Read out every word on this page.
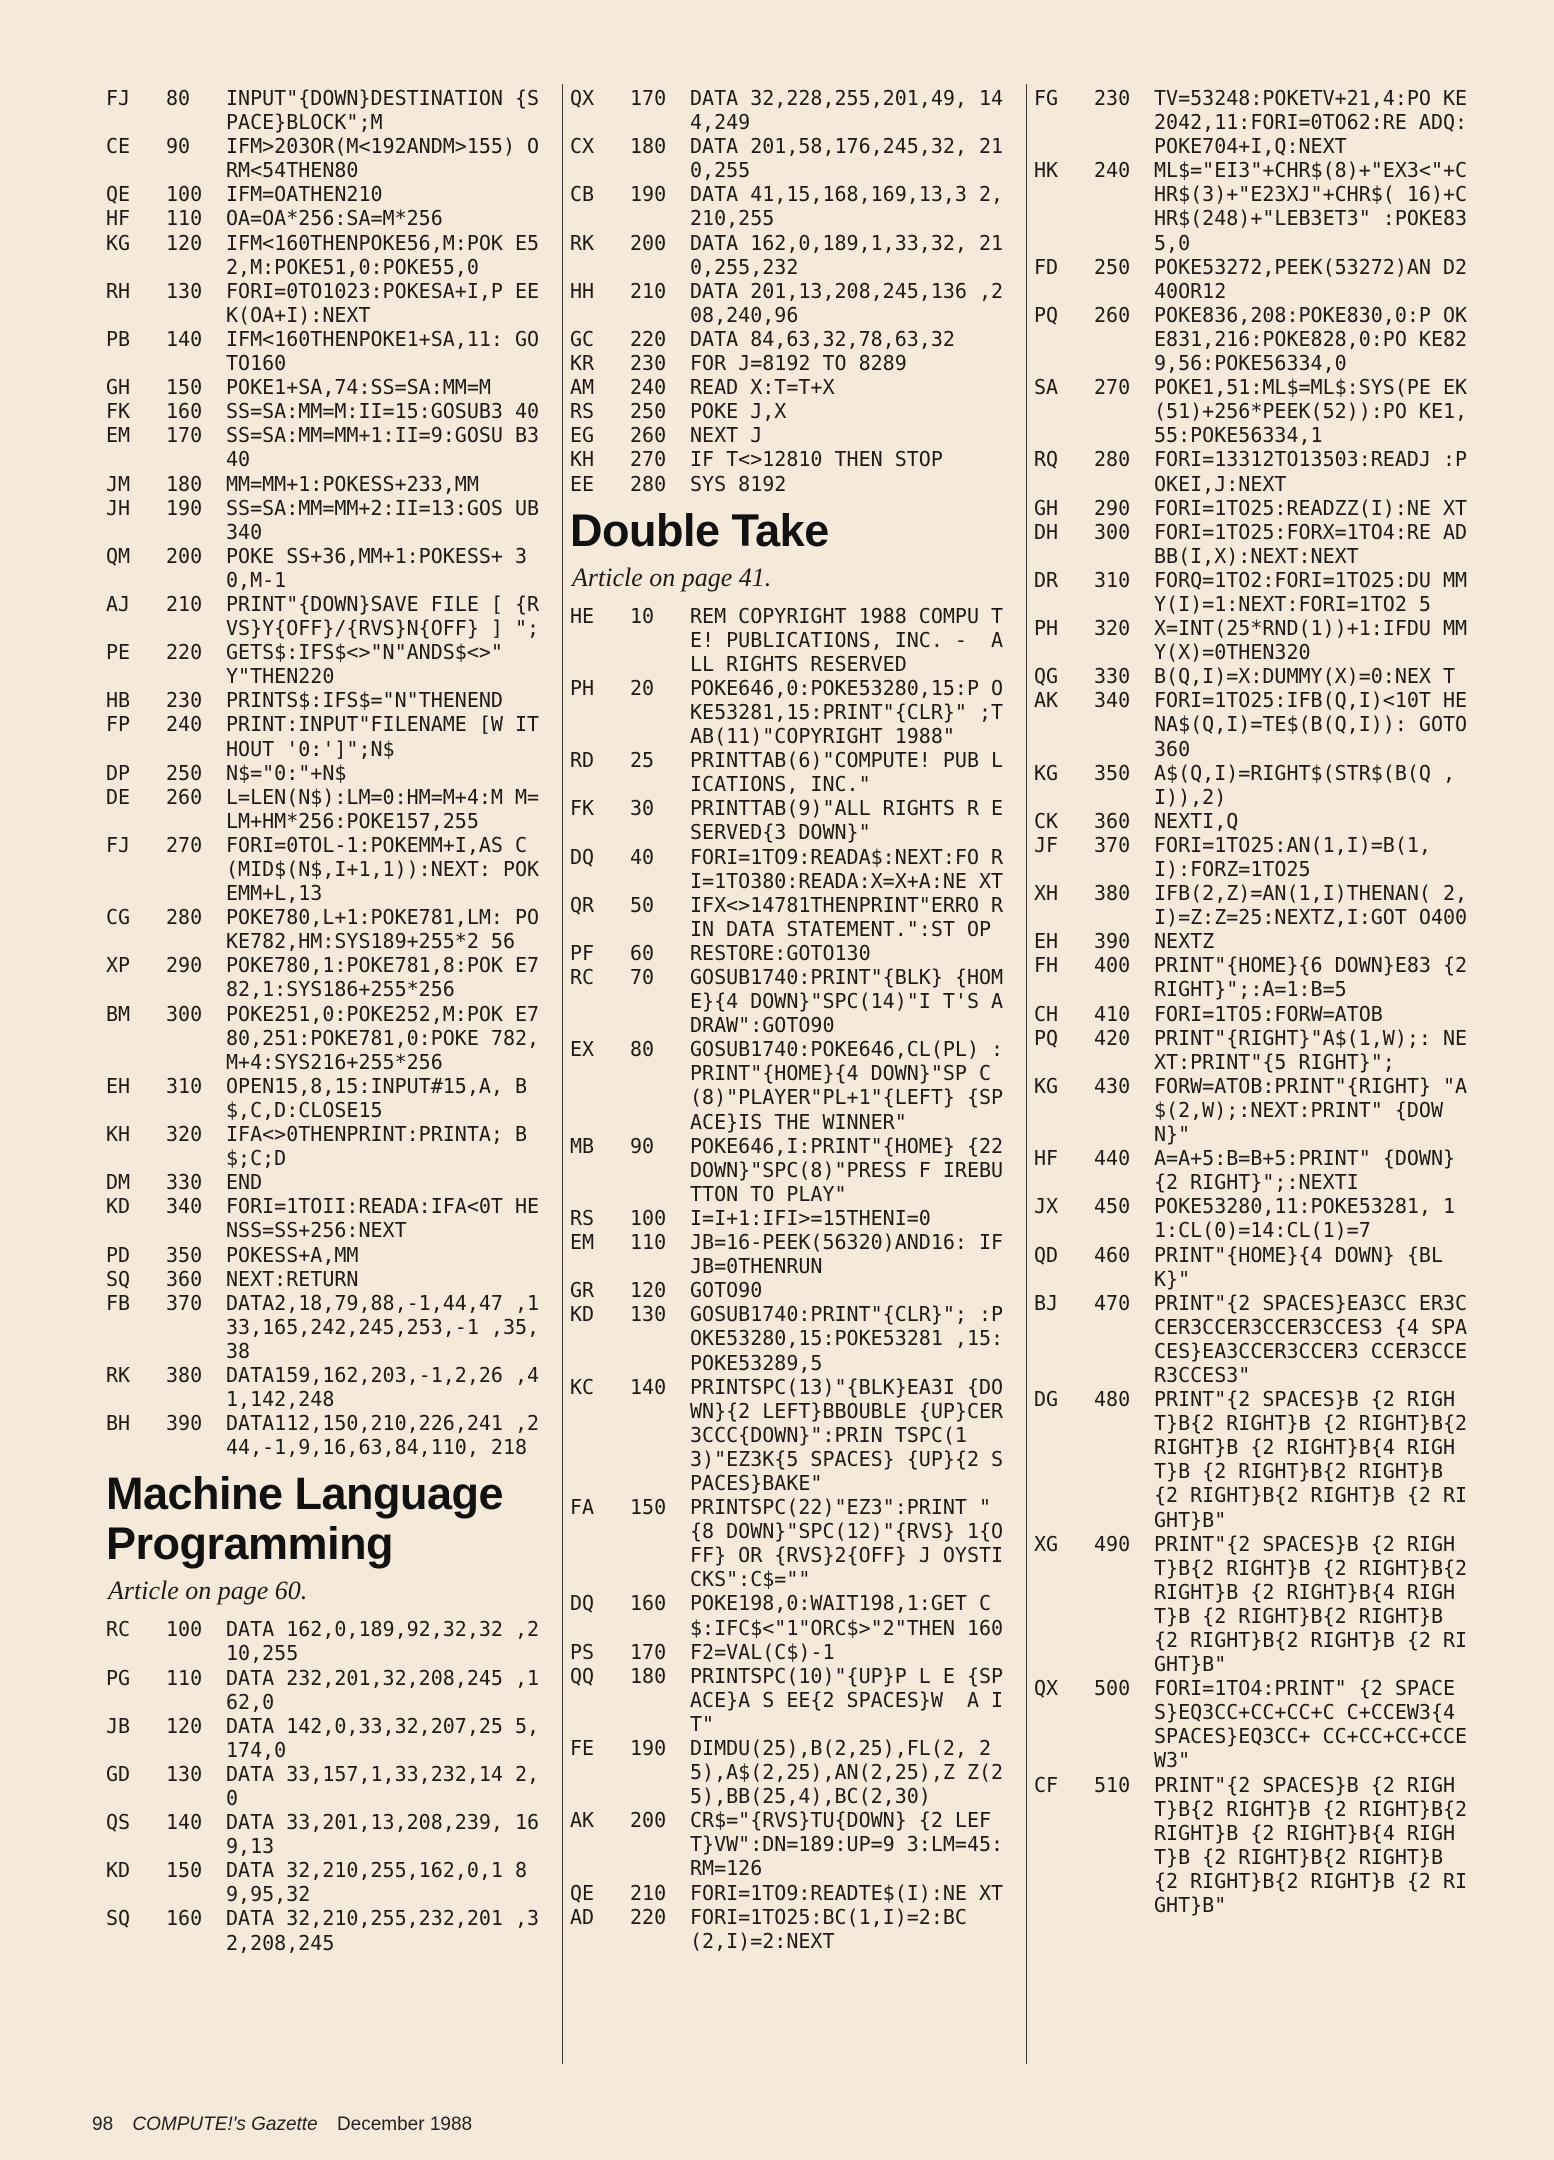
FJ	80	INPUT"{DOWN}DESTINATION {SPACE}BLOCK";M
CE	90	IFM>203OR(M<192ANDM>155) ORM<54THEN80
QE	100	IFM=OATHEN210
HF	110	OA=OA*256:SA=M*256
KG	120	IFM<160THENPOKE56,M:POK E52,M:POKE51,0:POKE55,0
RH	130	FORI=0TO1023:POKESA+I,P EEK(OA+I):NEXT
PB	140	IFM<160THENPOKE1+SA,11: GOTO160
GH	150	POKE1+SA,74:SS=SA:MM=M
FK	160	SS=SA:MM=M:II=15:GOSUB3 40
EM	170	SS=SA:MM=MM+1:II=9:GOSU B340
JM	180	MM=MM+1:POKESS+233,MM
JH	190	SS=SA:MM=MM+2:II=13:GOS UB340
QM	200	POKE SS+36,MM+1:POKESS+ 30,M-1
AJ	210	PRINT"{DOWN}SAVE FILE [ {RVS}Y{OFF}/{RVS}N{OFF} ] ";
PE	220	GETS$:IFS$<>"N"ANDS$<>" Y"THEN220
HB	230	PRINTS$:IFS$="N"THENEND
FP	240	PRINT:INPUT"FILENAME [W ITHOUT '0:']";N$
DP	250	N$="0:"+N$
DE	260	L=LEN(N$):LM=0:HM=M+4:M M=LM+HM*256:POKE157,255
FJ	270	FORI=0TOL-1:POKEMM+I,AS C(MID$(N$,I+1,1)):NEXT: POKEMM+L,13
CG	280	POKE780,L+1:POKE781,LM: POKE782,HM:SYS189+255*2 56
XP	290	POKE780,1:POKE781,8:POK E782,1:SYS186+255*256
BM	300	POKE251,0:POKE252,M:POK E780,251:POKE781,0:POKE 782,M+4:SYS216+255*256
EH	310	OPEN15,8,15:INPUT#15,A, B$,C,D:CLOSE15
KH	320	IFA<>0THENPRINT:PRINTA; B$;C;D
DM	330	END
KD	340	FORI=1TOII:READA:IFA<0T HENSS=SS+256:NEXT
PD	350	POKESS+A,MM
SQ	360	NEXT:RETURN
FB	370	DATA2,18,79,88,-1,44,47 ,133,165,242,245,253,-1 ,35,38
RK	380	DATA159,162,203,-1,2,26 ,41,142,248
BH	390	DATA112,150,210,226,241 ,244,-1,9,16,63,84,110, 218
Machine Language Programming
Article on page 60.
RC	100	DATA 162,0,189,92,32,32 ,210,255
PG	110	DATA 232,201,32,208,245 ,162,0
JB	120	DATA 142,0,33,32,207,25 5,174,0
GD	130	DATA 33,157,1,33,232,14 2,0
QS	140	DATA 33,201,13,208,239, 169,13
KD	150	DATA 32,210,255,162,0,1 89,95,32
SQ	160	DATA 32,210,255,232,201 ,32,208,245
QX	170	DATA 32,228,255,201,49, 144,249
CX	180	DATA 201,58,176,245,32, 210,255
CB	190	DATA 41,15,168,169,13,3 2,210,255
RK	200	DATA 162,0,189,1,33,32, 210,255,232
HH	210	DATA 201,13,208,245,136 ,208,240,96
GC	220	DATA 84,63,32,78,63,32
KR	230	FOR J=8192 TO 8289
AM	240	READ X:T=T+X
RS	250	POKE J,X
EG	260	NEXT J
KH	270	IF T<>12810 THEN STOP
EE	280	SYS 8192
Double Take
Article on page 41.
HE	10	REM COPYRIGHT 1988 COMPU TE! PUBLICATIONS, INC. -  ALL RIGHTS RESERVED
PH	20	POKE646,0:POKE53280,15:P OKE53281,15:PRINT"{CLR}" ;TAB(11)"COPYRIGHT 1988"
RD	25	PRINTTAB(6)"COMPUTE! PUB LICATIONS, INC."
FK	30	PRINTTAB(9)"ALL RIGHTS R ESERVED{3 DOWN}"
DQ	40	FORI=1TO9:READA$:NEXT:FO RI=1TO380:READA:X=X+A:NE XT
QR	50	IFX<>14781THENPRINT"ERRO R IN DATA STATEMENT.":ST OP
PF	60	RESTORE:GOTO130
RC	70	GOSUB1740:PRINT"{BLK} {HOME}{4 DOWN}"SPC(14)"I T'S A DRAW":GOTO90
EX	80	GOSUB1740:POKE646,CL(PL) :PRINT"{HOME}{4 DOWN}"SP C(8)"PLAYER"PL+1"{LEFT} {SPACE}IS THE WINNER"
MB	90	POKE646,I:PRINT"{HOME} {22 DOWN}"SPC(8)"PRESS F IREBUTTON TO PLAY"
RS	100	I=I+1:IFI>=15THENI=0
EM	110	JB=16-PEEK(56320)AND16: IFJB=0THENRUN
GR	120	GOTO90
KD	130	GOSUB1740:PRINT"{CLR}"; :POKE53280,15:POKE53281 ,15:POKE53289,5
KC	140	PRINTSPC(13)"{BLK}EA3I {DOWN}{2 LEFT}BBOUBLE {UP}CER3CCC{DOWN}":PRIN TSPC(13)"EZ3K{5 SPACES} {UP}{2 SPACES}BAKE"
FA	150	PRINTSPC(22)"EZ3":PRINT "{8 DOWN}"SPC(12)"{RVS} 1{OFF} OR {RVS}2{OFF} J OYSTICKS":C$=""
DQ	160	POKE198,0:WAIT198,1:GET C$:IFC$<"1"ORC$>"2"THEN 160
PS	170	F2=VAL(C$)-1
QQ	180	PRINTSPC(10)"{UP}P L E {SPACE}A S EE{2 SPACES}W  A I T"
FE	190	DIMDU(25),B(2,25),FL(2, 25),A$(2,25),AN(2,25),Z Z(25),BB(25,4),BC(2,30)
AK	200	CR$="{RVS}TU{DOWN} {2 LEFT}VW":DN=189:UP=9 3:LM=45:RM=126
QE	210	FORI=1TO9:READTE$(I):NE XT
AD	220	FORI=1TO25:BC(1,I)=2:BC (2,I)=2:NEXT
FG	230	TV=53248:POKETV+21,4:PO KE2042,11:FORI=0TO62:RE ADQ:POKE704+I,Q:NEXT
HK	240	ML$="EI3"+CHR$(8)+"EX3<"+CHR$(3)+"E23XJ"+CHR$( 16)+CHR$(248)+"LEB3ET3" :POKE835,0
FD	250	POKE53272,PEEK(53272)AN D240OR12
PQ	260	POKE836,208:POKE830,0:P OKE831,216:POKE828,0:PO KE829,56:POKE56334,0
SA	270	POKE1,51:ML$=ML$:SYS(PE EK(51)+256*PEEK(52)):PO KE1,55:POKE56334,1
RQ	280	FORI=13312TO13503:READJ :POKEI,J:NEXT
GH	290	FORI=1TO25:READZZ(I):NE XT
DH	300	FORI=1TO25:FORX=1TO4:RE ADBB(I,X):NEXT:NEXT
DR	310	FORQ=1TO2:FORI=1TO25:DU MMY(I)=1:NEXT:FORI=1TO2 5
PH	320	X=INT(25*RND(1))+1:IFDU MMY(X)=0THEN320
QG	330	B(Q,I)=X:DUMMY(X)=0:NEX T
AK	340	FORI=1TO25:IFB(Q,I)<10T HENA$(Q,I)=TE$(B(Q,I)): GOTO360
KG	350	A$(Q,I)=RIGHT$(STR$(B(Q ,I)),2)
CK	360	NEXTI,Q
JF	370	FORI=1TO25:AN(1,I)=B(1, I):FORZ=1TO25
XH	380	IFB(2,Z)=AN(1,I)THENAN( 2,I)=Z:Z=25:NEXTZ,I:GOT O400
EH	390	NEXTZ
FH	400	PRINT"{HOME}{6 DOWN}E83 {2 RIGHT}";:A=1:B=5
CH	410	FORI=1TO5:FORW=ATOB
PQ	420	PRINT"{RIGHT}"A$(1,W);: NEXT:PRINT"{5 RIGHT}";
KG	430	FORW=ATOB:PRINT"{RIGHT} "A$(2,W);:NEXT:PRINT" {DOWN}"
HF	440	A=A+5:B=B+5:PRINT" {DOWN}{2 RIGHT}";:NEXTI
JX	450	POKE53280,11:POKE53281, 11:CL(0)=14:CL(1)=7
QD	460	PRINT"{HOME}{4 DOWN} {BLK}"
BJ	470	PRINT"{2 SPACES}EA3CC ER3CCER3CCER3CCER3CCES3 {4 SPACES}EA3CCER3CCER3 CCER3CCER3CCES3"
DG	480	PRINT"{2 SPACES}B {2 RIGHT}B{2 RIGHT}B {2 RIGHT}B{2 RIGHT}B {2 RIGHT}B{4 RIGHT}B {2 RIGHT}B{2 RIGHT}B {2 RIGHT}B{2 RIGHT}B {2 RIGHT}B"
XG	490	PRINT"{2 SPACES}B {2 RIGHT}B{2 RIGHT}B {2 RIGHT}B{2 RIGHT}B {2 RIGHT}B{4 RIGHT}B {2 RIGHT}B{2 RIGHT}B {2 RIGHT}B{2 RIGHT}B {2 RIGHT}B"
QX	500	FORI=1TO4:PRINT" {2 SPACES}EQ3CC+CC+CC+C C+CCEW3{4 SPACES}EQ3CC+ CC+CC+CC+CCEW3"
CF	510	PRINT"{2 SPACES}B {2 RIGHT}B{2 RIGHT}B {2 RIGHT}B{2 RIGHT}B {2 RIGHT}B{4 RIGHT}B {2 RIGHT}B{2 RIGHT}B {2 RIGHT}B{2 RIGHT}B {2 RIGHT}B"
98 COMPUTE!'s Gazette December 1988
